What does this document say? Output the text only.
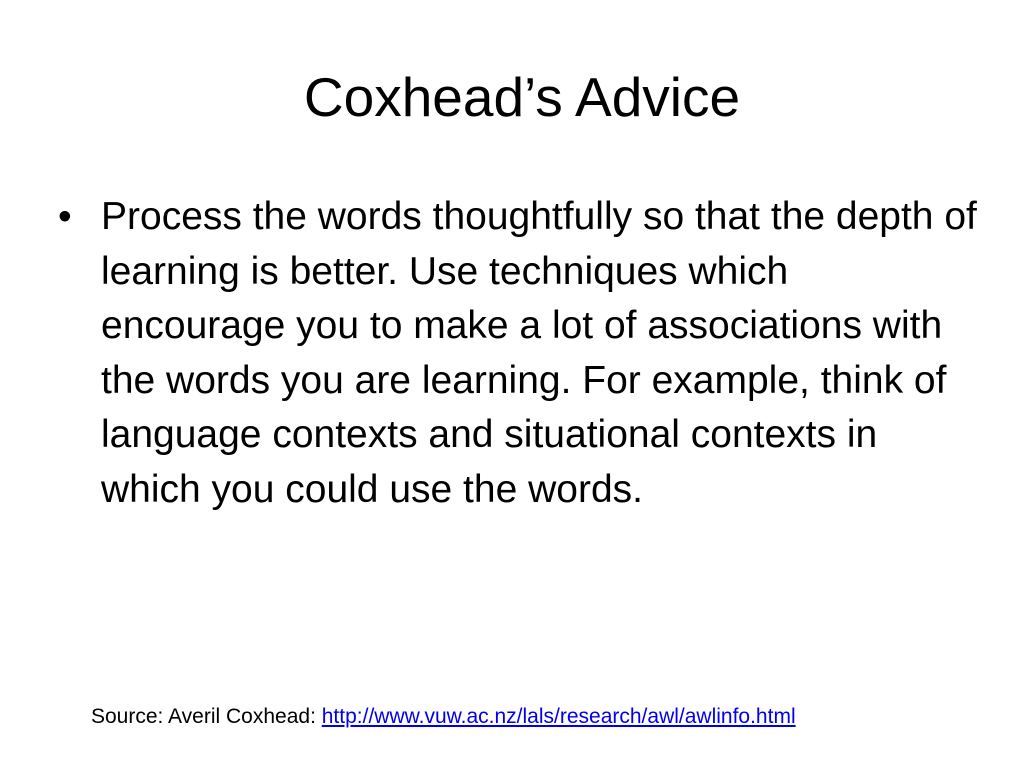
Coxhead’s Advice
• Process the words thoughtfully so that the depth of learning is better. Use techniques which encourage you to make a lot of associations with the words you are learning. For example, think of language contexts and situational contexts in which you could use the words.
Source: Averil Coxhead: http://www.vuw.ac.nz/lals/research/awl/awlinfo.html
